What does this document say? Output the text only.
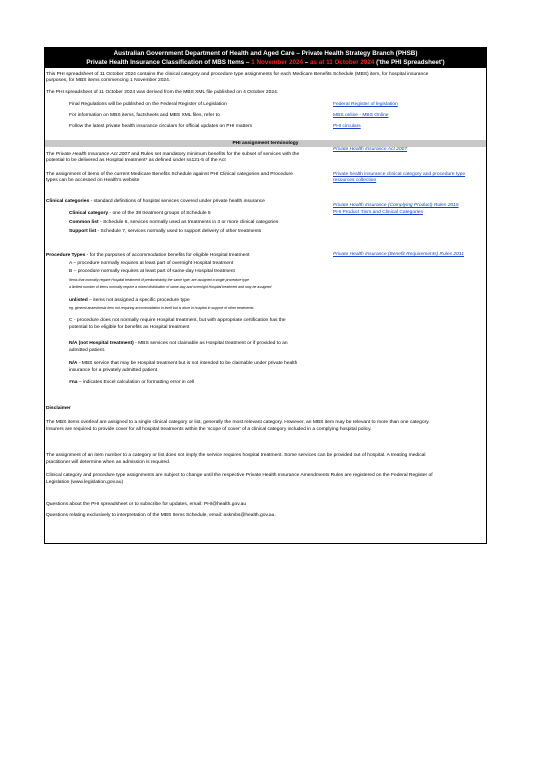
Australian Government Department of Health and Aged Care – Private Health Strategy Branch (PHSB)
Private Health Insurance Classification of MBS Items – 1 November 2024 – as at 11 October 2024 ('the PHI Spreadsheet')
This PHI spreadsheet of 11 October 2024 contains the clinical category and procedure type assignments for each Medicare Benefits Schedule (MBS) item, for hospital insurance
purposes, for MBS items commencing 1 November 2024.
The PHI spreadsheet of 11 October 2024 was derived from the MBS XML file published on 4 October 2024.
Final Regulations will be published on the Federal Register of Legislation	Federal Register of legislation
For information on MBS items, factsheets and MBS XML files, refer to	MBS online - MBS Online
Follow the latest private health insurance circulars for official updates on PHI matters	PHI circulars
PHI assignment terminology
The Private Health Insurance Act 2007 and Rules set mandatory minimum benefits for the subset of services with the
potential to be delivered as Hospital treatment* as defined under ss121-5 of the Act
Private Health Insurance Act 2007
The assignment of items of the current Medicare Benefits Schedule against PHI Clinical categories and Procedure
types can be accessed on Health's website
Private health insurance clinical category and procedure type resources collection
Clinical categories - standard definitions of hospital services covered under private health insurance
Clinical category - one of the 38 treatment groups of Schedule 5
Common list - Schedule 6, services normally used as treatments in 3 or more clinical categories
Support list - Schedule 7, services normally used to support delivery of other treatments
Private Health Insurance (Complying Product) Rules 2015
PHI Product Tiers and Clinical Categories
Procedure Types - for the purposes of accommodation benefits for eligible Hospital treatment	Private Health Insurance (Benefit Requirements) Rules 2011
A – procedure normally requires at least part of overnight Hospital treatment
B – procedure normally requires at least part of same-day Hospital treatment
Items that normally require Hospital treatment of predominantly the same type, are assigned a single procedure type
a limited number of items normally require a mixed distribution of same-day and overnight Hospital treatment and may be assigned
unlisted – items not assigned a specific procedure type
eg. general anaesthesia item not requiring accommodation in itself but is done in hospital in support of other treatments
C - procedure does not normally require Hospital treatment, but with appropriate certification has the
potential to be eligible for benefits as Hospital treatment
N/A (not Hospital treatment) - MBS services not claimable as Hospital treatment or if provided to an
admitted patient.
N/A - MBS service that may be Hospital treatment but is not intended to be claimable under private health
insurance for a privately admitted patient
#na – indicates Excel calculation or formatting error in cell
Disclaimer
The MBS items overleaf are assigned to a single clinical category or list, generally the most relevant category. However, an MBS item may be relevant to more than one category.
Insurers are required to provide cover for all hospital treatments within the 'scope of cover' of a clinical category included in a complying hospital policy.
The assignment of an item number to a category or list does not imply the service requires hospital treatment. Some services can be provided out of hospital. A treating medical
practitioner will determine when an admission is required.
Clinical category and procedure type assignments are subject to change until the respective Private Health Insurance Amendments Rules are registered on the Federal Register of
Legislation (www.legislation.gov.au)
Questions about the PHI spreadsheet or to subscribe for updates, email: PHI@health.gov.au
Questions relating exclusively to interpretation of the MBS Items Schedule, email: askmbs@health.gov.au.
